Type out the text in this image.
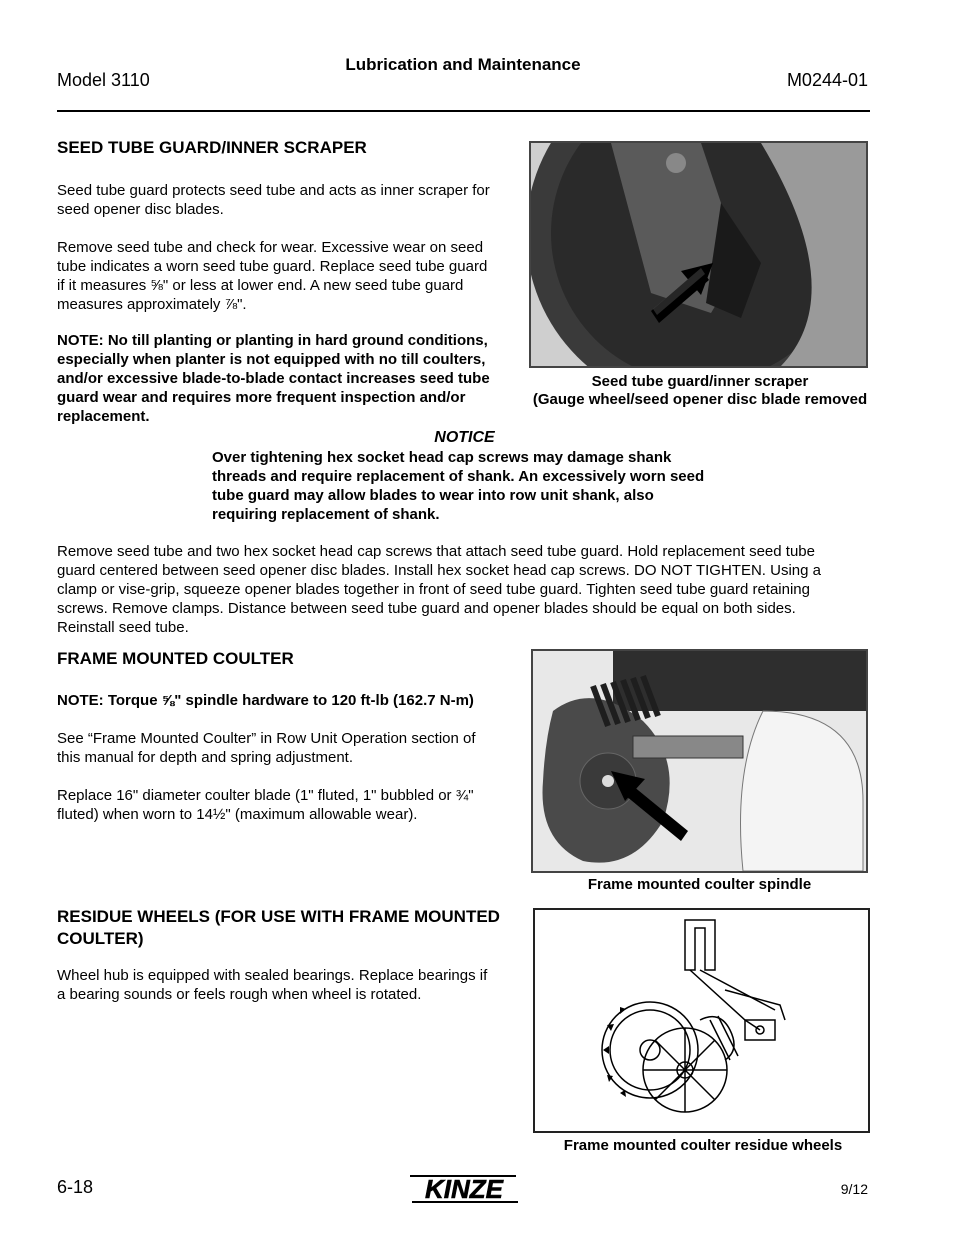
Lubrication and Maintenance
Model 3110	M0244-01
SEED TUBE GUARD/INNER SCRAPER
Seed tube guard protects seed tube and acts as inner scraper for seed opener disc blades.
Remove seed tube and check for wear. Excessive wear on seed tube indicates a worn seed tube guard. Replace seed tube guard if it measures ⅝" or less at lower end. A new seed tube guard measures approximately ⅞".
NOTE: No till planting or planting in hard ground conditions, especially when planter is not equipped with no till coulters, and/or excessive blade-to-blade contact increases seed tube guard wear and requires more frequent inspection and/or replacement.
Seed tube guard/inner scraper
(Gauge wheel/seed opener disc blade removed
NOTICE
Over tightening hex socket head cap screws may damage shank threads and require replacement of shank. An excessively worn seed tube guard may allow blades to wear into row unit shank, also requiring replacement of shank.
Remove seed tube and two hex socket head cap screws that attach seed tube guard. Hold replacement seed tube guard centered between seed opener disc blades. Install hex socket head cap screws. DO NOT TIGHTEN. Using a clamp or vise-grip, squeeze opener blades together in front of seed tube guard. Tighten seed tube guard retaining screws. Remove clamps. Distance between seed tube guard and opener blades should be equal on both sides. Reinstall seed tube.
FRAME MOUNTED COULTER
NOTE: Torque ⅝" spindle hardware to 120 ft-lb (162.7 N-m)
See “Frame Mounted Coulter” in Row Unit Operation section of this manual for depth and spring adjustment.
Replace 16" diameter coulter blade (1" fluted, 1" bubbled or ¾" fluted) when worn to 14½" (maximum allowable wear).
Frame mounted coulter spindle
RESIDUE WHEELS (FOR USE WITH FRAME MOUNTED COULTER)
Wheel hub is equipped with sealed bearings. Replace bearings if a bearing sounds or feels rough when wheel is rotated.
Frame mounted coulter residue wheels
6-18	KINZE	9/12
